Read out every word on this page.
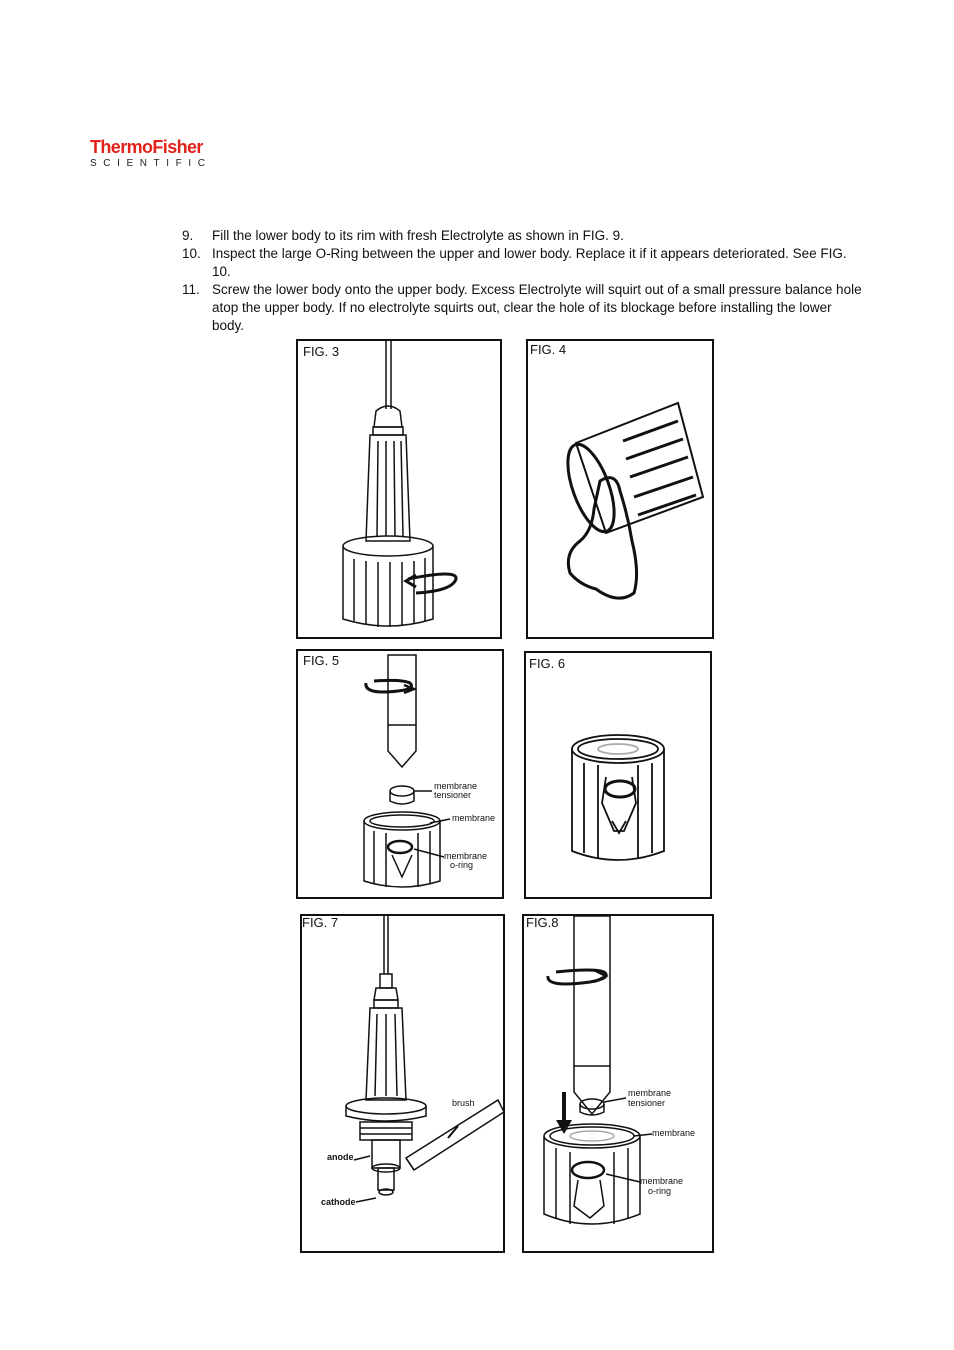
ThermoFisher
SCIENTIFIC
9. Fill the lower body to its rim with fresh Electrolyte as shown in FIG. 9.
10. Inspect the large O-Ring between the upper and lower body. Replace it if it appears deteriorated. See FIG. 10.
11. Screw the lower body onto the upper body. Excess Electrolyte will squirt out of a small pressure balance hole atop the upper body. If no electrolyte squirts out, clear the hole of its blockage before installing the lower body.
FIG. 3	FIG. 4
membrane
tensioner
membrane
membrane
o-ring
FIG. 5	FIG. 6
brush
anode
cathode
FIG. 7
membrane
tensioner
membrane
membrane
o-ring
FIG.8
